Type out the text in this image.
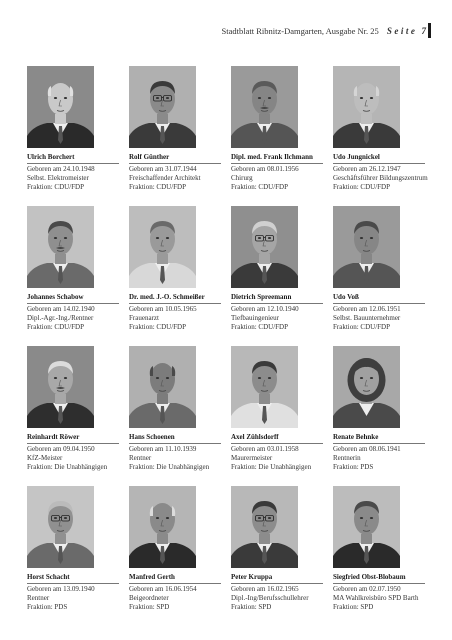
Stadtblatt Ribnitz-Damgarten, Ausgabe Nr. 25 Seite 7
Ulrich Borchert
Geboren am 24.10.1948
Selbst. Elektromeister
Fraktion: CDU/FDP
Rolf Günther
Geboren am 31.07.1944
Freischaffender Architekt
Fraktion: CDU/FDP
Dipl. med. Frank Ilchmann
Geboren am 08.01.1956
Chirurg
Fraktion: CDU/FDP
Udo Jungnickel
Geboren am 26.12.1947
Geschäftsführer Bildungszentrum
Fraktion: CDU/FDP
Johannes Schabow
Geboren am 14.02.1940
Dipl.-Agr.-Ing./Rentner
Fraktion: CDU/FDP
Dr. med. J.-O. Schmeißer
Geboren am 10.05.1965
Frauenarzt
Fraktion: CDU/FDP
Dietrich Spreemann
Geboren am 12.10.1940
Tiefbauingenieur
Fraktion: CDU/FDP
Udo Voß
Geboren am 12.06.1951
Selbst. Bauunternehmer
Fraktion: CDU/FDP
Reinhardt Röwer
Geboren am 09.04.1950
KfZ-Meister
Fraktion: Die Unabhängigen
Hans Schoenen
Geboren am 11.10.1939
Rentner
Fraktion: Die Unabhängigen
Axel Zühlsdorff
Geboren am 03.01.1958
Maurermeister
Fraktion: Die Unabhängigen
Renate Behnke
Geboren am 08.06.1941
Rentnerin
Fraktion: PDS
Horst Schacht
Geboren am 13.09.1940
Rentner
Fraktion: PDS
Manfred Gerth
Geboren am 16.06.1954
Beigeordneter
Fraktion: SPD
Peter Kruppa
Geboren am 16.02.1965
Dipl.-Ing/Berufsschullehrer
Fraktion: SPD
Siegfried Obst-Blobaum
Geboren am 02.07.1950
MA Wahlkreisbüro SPD Barth
Fraktion: SPD
